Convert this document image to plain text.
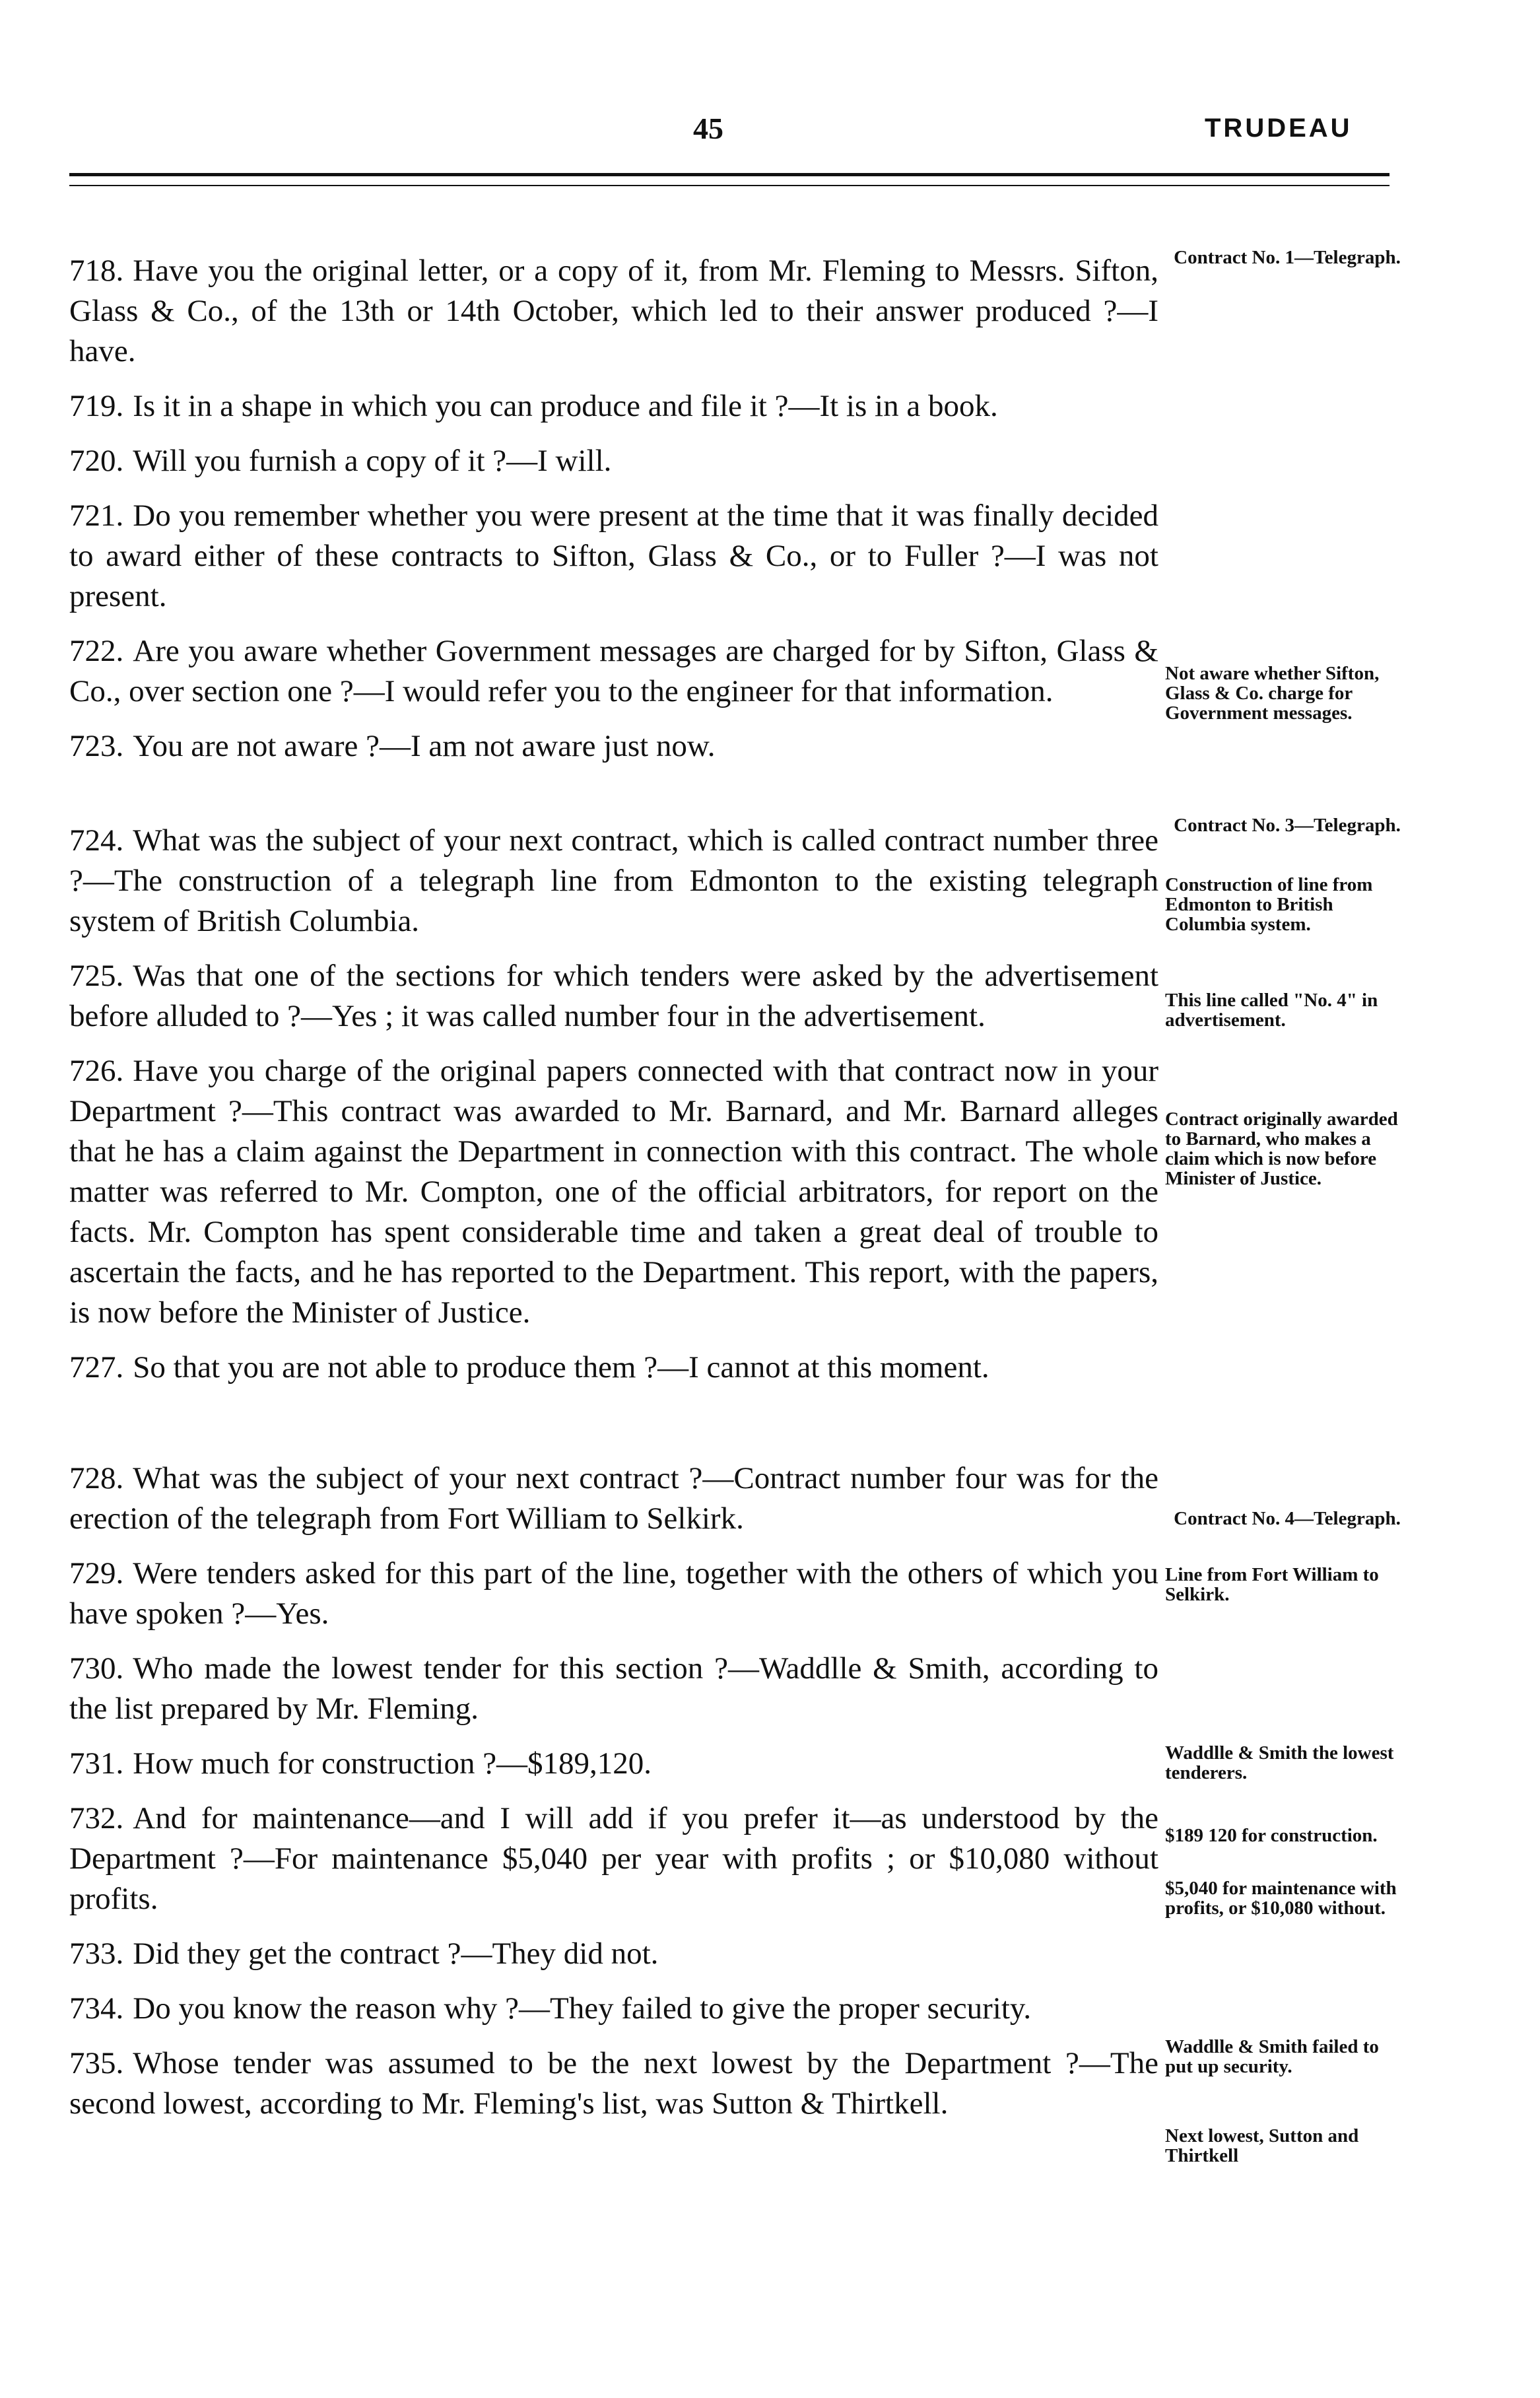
45	TRUDEAU

718. Have you the original letter, or a copy of it, from Mr. Fleming to Messrs. Sifton, Glass & Co., of the 13th or 14th October, which led to their answer produced ?—I have.

719. Is it in a shape in which you can produce and file it ?—It is in a book.

720. Will you furnish a copy of it ?—I will.

721. Do you remember whether you were present at the time that it was finally decided to award either of these contracts to Sifton, Glass & Co., or to Fuller ?—I was not present.

722. Are you aware whether Government messages are charged for by Sifton, Glass & Co., over section one ?—I would refer you to the engineer for that information.

723. You are not aware ?—I am not aware just now.

724. What was the subject of your next contract, which is called contract number three ?—The construction of a telegraph line from Edmonton to the existing telegraph system of British Columbia.

725. Was that one of the sections for which tenders were asked by the advertisement before alluded to ?—Yes ; it was called number four in the advertisement.

726. Have you charge of the original papers connected with that contract now in your Department ?—This contract was awarded to Mr. Barnard, and Mr. Barnard alleges that he has a claim against the Department in connection with this contract. The whole matter was referred to Mr. Compton, one of the official arbitrators, for report on the facts. Mr. Compton has spent considerable time and taken a great deal of trouble to ascertain the facts, and he has reported to the Department. This report, with the papers, is now before the Minister of Justice.

727. So that you are not able to produce them ?—I cannot at this moment.

728. What was the subject of your next contract ?—Contract number four was for the erection of the telegraph from Fort William to Selkirk.

729. Were tenders asked for this part of the line, together with the others of which you have spoken ?—Yes.

730. Who made the lowest tender for this section ?—Waddlle & Smith, according to the list prepared by Mr. Fleming.

731. How much for construction ?—$189,120.

732. And for maintenance—and I will add if you prefer it—as understood by the Department ?—For maintenance $5,040 per year with profits ; or $10,080 without profits.

733. Did they get the contract ?—They did not.

734. Do you know the reason why ?—They failed to give the proper security.

735. Whose tender was assumed to be the next lowest by the Department ?—The second lowest, according to Mr. Fleming's list, was Sutton & Thirtkell.

Contract No. 1—Telegraph.
Not aware whether Sifton, Glass & Co. charge for Government messages.
Contract No. 3—Telegraph.
Construction of line from Edmonton to British Columbia system.
This line called "No. 4" in advertisement.
Contract originally awarded to Barnard, who makes a claim which is now before Minister of Justice.
Contract No. 4—Telegraph.
Line from Fort William to Selkirk.
Waddlle & Smith the lowest tenderers.
$189 120 for construction.
$5,040 for maintenance with profits, or $10,080 without.
Waddlle & Smith failed to put up security.
Next lowest, Sutton and Thirtkell
